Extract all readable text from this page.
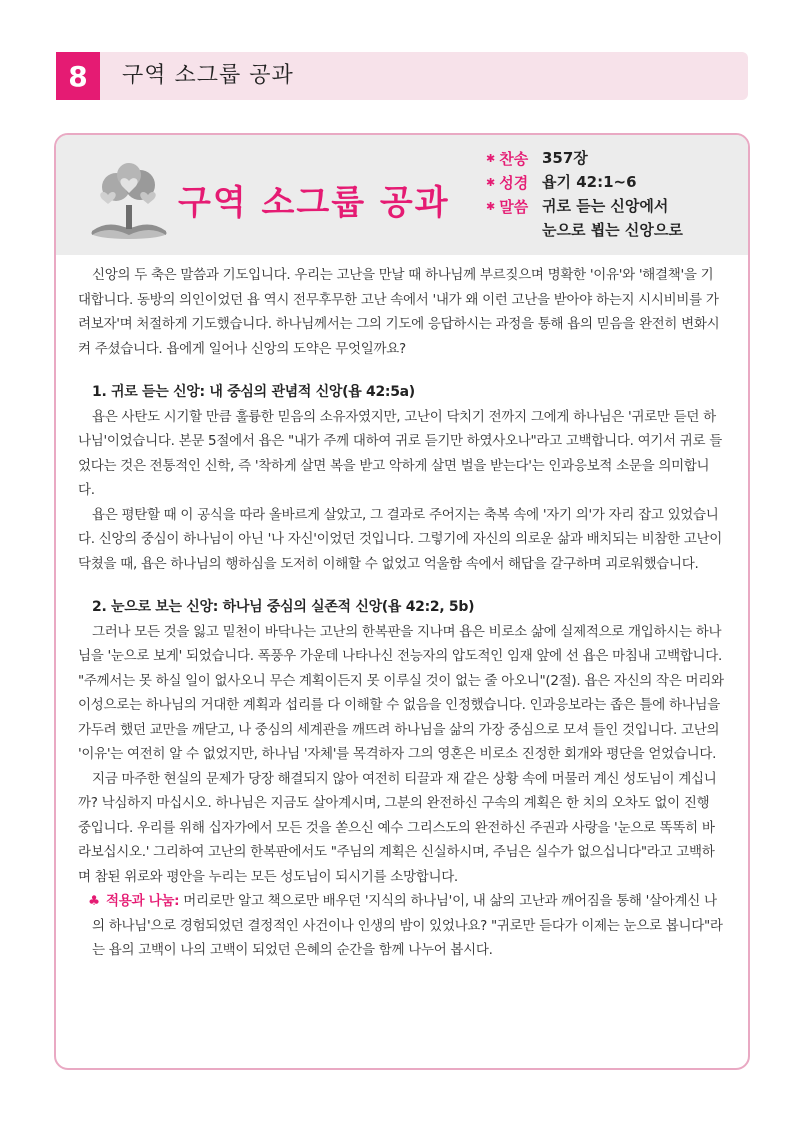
8	구역 소그룹 공과
구역 소그룹 공과
✱ 찬송 357장
✱ 성경 욥기 42:1~6
✱ 말씀 귀로 듣는 신앙에서
눈으로 뵙는 신앙으로

신앙의 두 축은 말씀과 기도입니다. 우리는 고난을 만날 때 하나님께 부르짖으며 명확한 '이유'와 '해결책'을 기대합니다. 동방의 의인이었던 욥 역시 전무후무한 고난 속에서 '내가 왜 이런 고난을 받아야 하는지 시시비비를 가려보자'며 처절하게 기도했습니다. 하나님께서는 그의 기도에 응답하시는 과정을 통해 욥의 믿음을 완전히 변화시켜 주셨습니다. 욥에게 일어나 신앙의 도약은 무엇일까요?

1. 귀로 듣는 신앙: 내 중심의 관념적 신앙(욥 42:5a)

욥은 사탄도 시기할 만큼 훌륭한 믿음의 소유자였지만, 고난이 닥치기 전까지 그에게 하나님은 '귀로만 듣던 하나님'이었습니다. 본문 5절에서 욥은 "내가 주께 대하여 귀로 듣기만 하였사오나"라고 고백합니다. 여기서 귀로 들었다는 것은 전통적인 신학, 즉 '착하게 살면 복을 받고 악하게 살면 벌을 받는다'는 인과응보적 소문을 의미합니다.

욥은 평탄할 때 이 공식을 따라 올바르게 살았고, 그 결과로 주어지는 축복 속에 '자기 의'가 자리 잡고 있었습니다. 신앙의 중심이 하나님이 아닌 '나 자신'이었던 것입니다. 그렇기에 자신의 의로운 삶과 배치되는 비참한 고난이 닥쳤을 때, 욥은 하나님의 행하심을 도저히 이해할 수 없었고 억울함 속에서 해답을 갈구하며 괴로워했습니다.

2. 눈으로 보는 신앙: 하나님 중심의 실존적 신앙(욥 42:2, 5b)

그러나 모든 것을 잃고 밑천이 바닥나는 고난의 한복판을 지나며 욥은 비로소 삶에 실제적으로 개입하시는 하나님을 '눈으로 보게' 되었습니다. 폭풍우 가운데 나타나신 전능자의 압도적인 임재 앞에 선 욥은 마침내 고백합니다. "주께서는 못 하실 일이 없사오니 무슨 계획이든지 못 이루실 것이 없는 줄 아오니"(2절). 욥은 자신의 작은 머리와 이성으로는 하나님의 거대한 계획과 섭리를 다 이해할 수 없음을 인정했습니다. 인과응보라는 좁은 틀에 하나님을 가두려 했던 교만을 깨닫고, 나 중심의 세계관을 깨뜨려 하나님을 삶의 가장 중심으로 모셔 들인 것입니다. 고난의 '이유'는 여전히 알 수 없었지만, 하나님 '자체'를 목격하자 그의 영혼은 비로소 진정한 회개와 평단을 얻었습니다.

지금 마주한 현실의 문제가 당장 해결되지 않아 여전히 티끌과 재 같은 상황 속에 머물러 계신 성도님이 계십니까? 낙심하지 마십시오. 하나님은 지금도 살아계시며, 그분의 완전하신 구속의 계획은 한 치의 오차도 없이 진행 중입니다. 우리를 위해 십자가에서 모든 것을 쏟으신 예수 그리스도의 완전하신 주권과 사랑을 '눈으로 똑똑히 바라보십시오.' 그리하여 고난의 한복판에서도 "주님의 계획은 신실하시며, 주님은 실수가 없으십니다"라고 고백하며 참된 위로와 평안을 누리는 모든 성도님이 되시기를 소망합니다.

♣ 적용과 나눔: 머리로만 알고 책으로만 배우던 '지식의 하나님'이, 내 삶의 고난과 깨어짐을 통해 '살아계신 나의 하나님'으로 경험되었던 결정적인 사건이나 인생의 밤이 있었나요? "귀로만 듣다가 이제는 눈으로 봅니다"라는 욥의 고백이 나의 고백이 되었던 은혜의 순간을 함께 나누어 봅시다.
